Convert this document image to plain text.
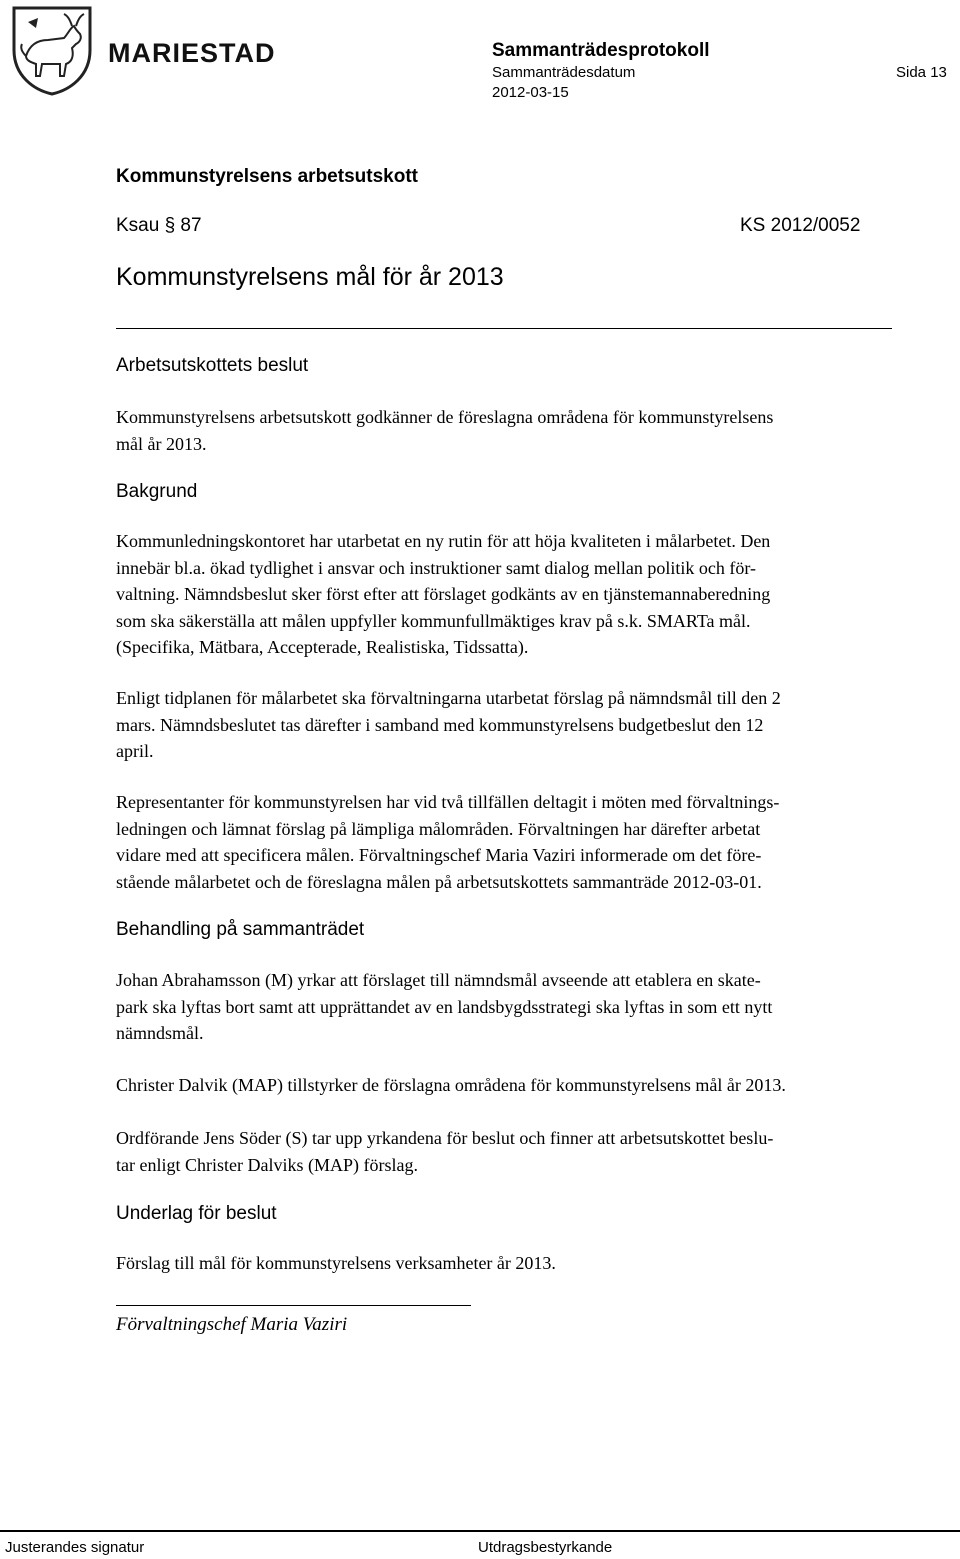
MARIESTAD	Sammanträdesprotokoll
Sammanträdesdatum	Sida 13
2012-03-15
Kommunstyrelsens arbetsutskott
Ksau § 87	KS 2012/0052
Kommunstyrelsens mål för år 2013
Arbetsutskottets beslut
Kommunstyrelsens arbetsutskott godkänner de föreslagna områdena för kommunstyrelsens
mål år 2013.
Bakgrund
Kommunledningskontoret har utarbetat en ny rutin för att höja kvaliteten i målarbetet. Den
innebär bl.a. ökad tydlighet i ansvar och instruktioner samt dialog mellan politik och för-
valtning. Nämndsbeslut sker först efter att förslaget godkänts av en tjänstemannaberedning
som ska säkerställa att målen uppfyller kommunfullmäktiges krav på s.k. SMARTa mål.
(Specifika, Mätbara, Accepterade, Realistiska, Tidssatta).
Enligt tidplanen för målarbetet ska förvaltningarna utarbetat förslag på nämndsmål till den 2
mars. Nämndsbeslutet tas därefter i samband med kommunstyrelsens budgetbeslut den 12
april.
Representanter för kommunstyrelsen har vid två tillfällen deltagit i möten med förvaltnings-
ledningen och lämnat förslag på lämpliga målområden. Förvaltningen har därefter arbetat
vidare med att specificera målen. Förvaltningschef Maria Vaziri informerade om det före-
stående målarbetet och de föreslagna målen på arbetsutskottets sammanträde 2012-03-01.
Behandling på sammanträdet
Johan Abrahamsson (M) yrkar att förslaget till nämndsmål avseende att etablera en skate-
park ska lyftas bort samt att upprättandet av en landsbygdsstrategi ska lyftas in som ett nytt
nämndsmål.
Christer Dalvik (MAP) tillstyrker de förslagna områdena för kommunstyrelsens mål år 2013.
Ordförande Jens Söder (S) tar upp yrkandena för beslut och finner att arbetsutskottet beslu-
tar enligt Christer Dalviks (MAP) förslag.
Underlag för beslut
Förslag till mål för kommunstyrelsens verksamheter år 2013.
Förvaltningschef Maria Vaziri
Justerandes signatur	Utdragsbestyrkande
